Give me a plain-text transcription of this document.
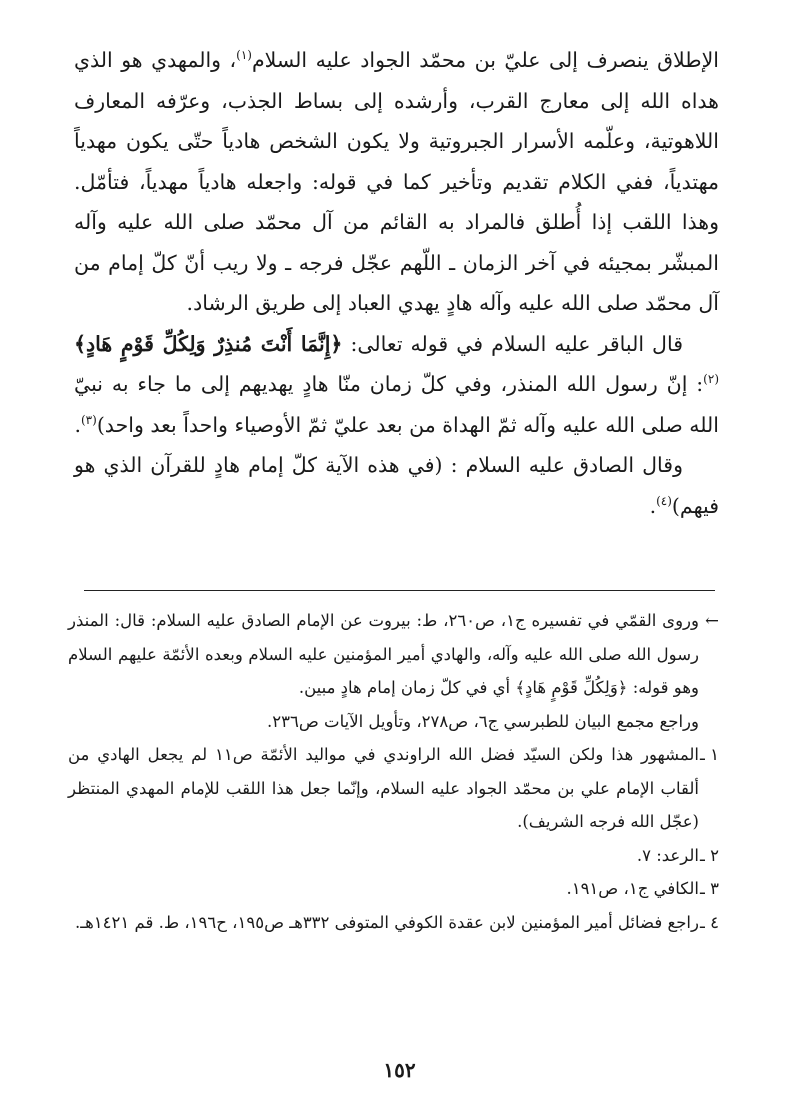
الإطلاق ينصرف إلى عليّ بن محمّد الجواد عليه السلام$^{(١)}$، والمهدي هو الذي هداه الله إلى معارج القرب، وأرشده إلى بساط الجذب، وعرّفه المعارف اللاهوتية، وعلّمه الأسرار الجبروتية ولا يكون الشخص هادياً حتّى يكون مهدياً مهتدياً، ففي الكلام تقديم وتأخير كما في قوله: واجعله هادياً مهدياً، فتأمّل. وهذا اللقب إذا أُطلق فالمراد به القائم من آل محمّد صلى الله عليه وآله المبشّر بمجيئه في آخر الزمان ـ اللّهم عجّل فرجه ـ ولا ريب أنّ كلّ إمام من آل محمّد صلى الله عليه وآله هادٍ يهدي العباد إلى طريق الرشاد.

قال الباقر عليه السلام في قوله تعالى: ﴿إِنَّمَا أَنْتَ مُنذِرٌ وَلِكُلِّ قَوْمٍ هَادٍ﴾$^{(٢)}$: إنّ رسول الله المنذر، وفي كلّ زمان منّا هادٍ يهديهم إلى ما جاء به نبيّ الله صلى الله عليه وآله ثمّ الهداة من بعد عليّ ثمّ الأوصياء واحداً بعد واحد)$^{(٣)}$.

وقال الصادق عليه السلام : (في هذه الآية كلّ إمام هادٍ للقرآن الذي هو فيهم)$^{(٤)}$.

←

وروى القمّي في تفسيره ج١، ص٢٦٠، ط: بيروت عن الإمام الصادق عليه السلام: قال: المنذر رسول الله صلى الله عليه وآله، والهادي أمير المؤمنين عليه السلام وبعده الأئمّة عليهم السلام وهو قوله: ﴿وَلِكُلِّ قَوْمٍ هَادٍ﴾ أي في كلّ زمان إمام هادٍ مبين.

وراجع مجمع البيان للطبرسي ج٦، ص٢٧٨، وتأويل الآيات ص٢٣٦.

١ ـ
المشهور هذا ولكن السيّد فضل الله الراوندي في مواليد الأئمّة ص١١ لم يجعل الهادي من ألقاب الإمام علي بن محمّد الجواد عليه السلام، وإنّما جعل هذا اللقب للإمام المهدي المنتظر (عجّل الله فرجه الشريف).
٢ ـ
الرعد: ٧.
٣ ـ
الكافي ج١، ص١٩١.
٤ ـ
راجع فضائل أمير المؤمنين لابن عقدة الكوفي المتوفى ٣٣٢هـ ص١٩٥، ح١٩٦، ط. قم ١٤٢١هـ.
١٥٢
